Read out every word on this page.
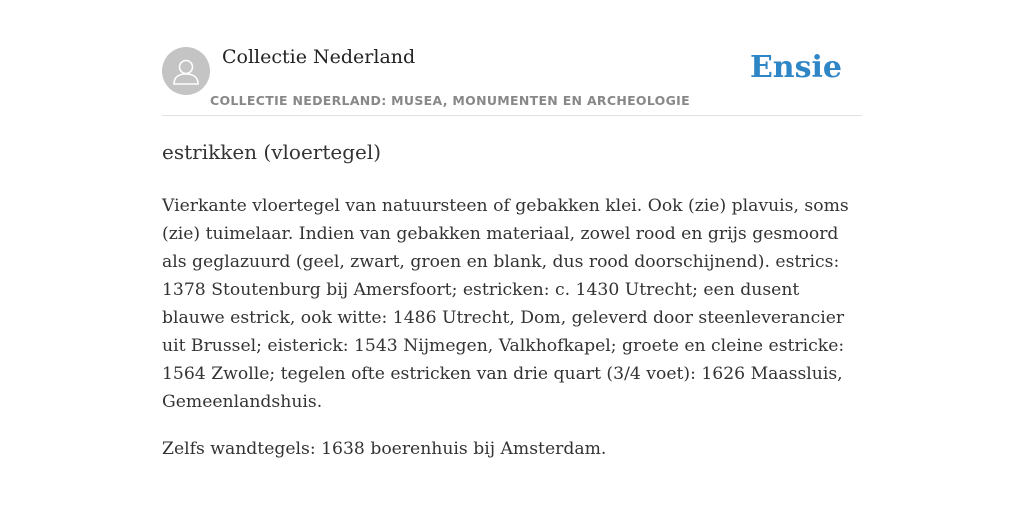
Collectie Nederland
COLLECTIE NEDERLAND: MUSEA, MONUMENTEN EN ARCHEOLOGIE
Ensie
estrikken (vloertegel)

Vierkante vloertegel van natuursteen of gebakken klei. Ook (zie) plavuis, soms (zie) tuimelaar. Indien van gebakken materiaal, zowel rood en grijs gesmoord als geglazuurd (geel, zwart, groen en blank, dus rood doorschijnend). estrics: 1378 Stoutenburg bij Amersfoort; estricken: c. 1430 Utrecht; een dusent blauwe estrick, ook witte: 1486 Utrecht, Dom, geleverd door steenleverancier uit Brussel; eisterick: 1543 Nijmegen, Valkhofkapel; groete en cleine estricke: 1564 Zwolle; tegelen ofte estricken van drie quart (3/4 voet): 1626 Maassluis, Gemeenlandshuis.

Zelfs wandtegels: 1638 boerenhuis bij Amsterdam.
